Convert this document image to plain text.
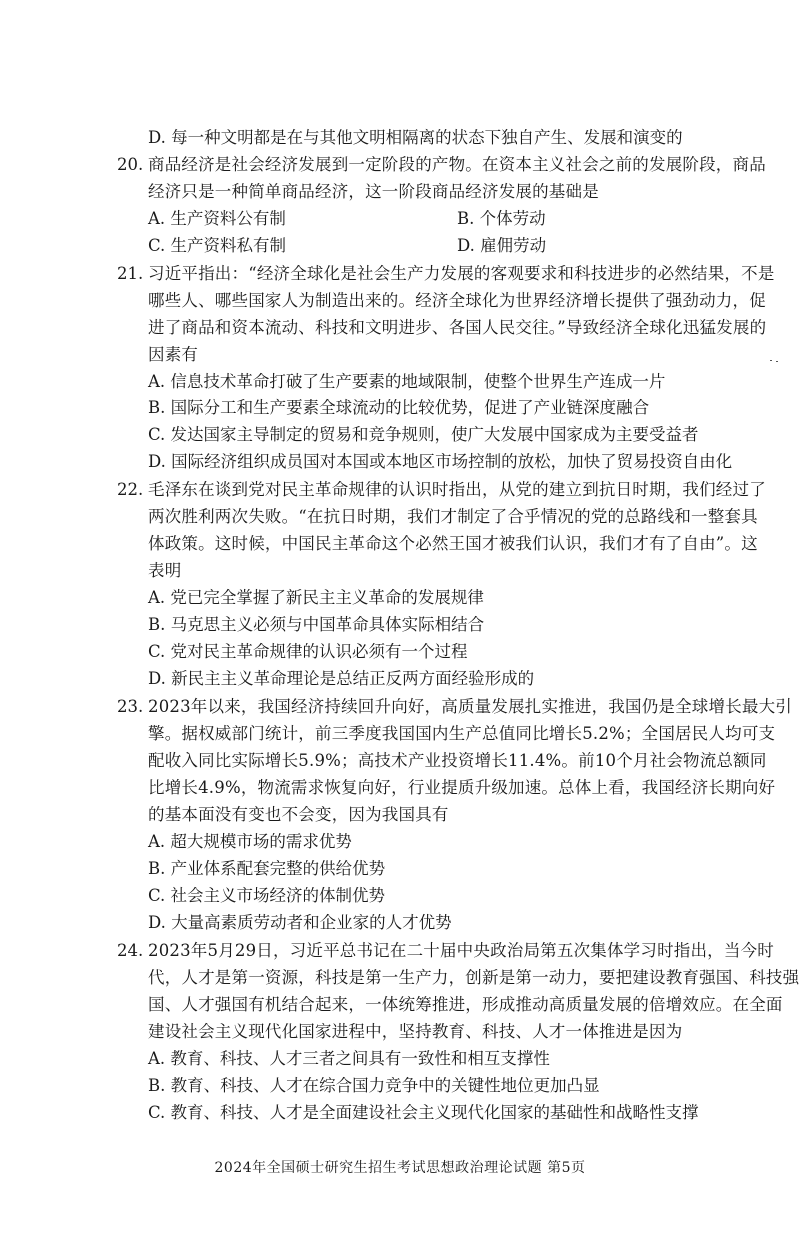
D. 每一种文明都是在与其他文明相隔离的状态下独自产生、发展和演变的
20. 商品经济是社会经济发展到一定阶段的产物。在资本主义社会之前的发展阶段，商品
经济只是一种简单商品经济，这一阶段商品经济发展的基础是
A. 生产资料公有制	B. 个体劳动
C. 生产资料私有制	D. 雇佣劳动
21. 习近平指出：“经济全球化是社会生产力发展的客观要求和科技进步的必然结果，不是
哪些人、哪些国家人为制造出来的。经济全球化为世界经济增长提供了强劲动力，促
进了商品和资本流动、科技和文明进步、各国人民交往。”导致经济全球化迅猛发展的
因素有
A. 信息技术革命打破了生产要素的地域限制，使整个世界生产连成一片
B. 国际分工和生产要素全球流动的比较优势，促进了产业链深度融合
C. 发达国家主导制定的贸易和竞争规则，使广大发展中国家成为主要受益者
D. 国际经济组织成员国对本国或本地区市场控制的放松，加快了贸易投资自由化
22. 毛泽东在谈到党对民主革命规律的认识时指出，从党的建立到抗日时期，我们经过了
两次胜利两次失败。“在抗日时期，我们才制定了合乎情况的党的总路线和一整套具
体政策。这时候，中国民主革命这个必然王国才被我们认识，我们才有了自由”。这
表明
A. 党已完全掌握了新民主主义革命的发展规律
B. 马克思主义必须与中国革命具体实际相结合
C. 党对民主革命规律的认识必须有一个过程
D. 新民主主义革命理论是总结正反两方面经验形成的
23. 2023年以来，我国经济持续回升向好，高质量发展扎实推进，我国仍是全球增长最大引
擎。据权威部门统计，前三季度我国国内生产总值同比增长5.2%；全国居民人均可支
配收入同比实际增长5.9%；高技术产业投资增长11.4%。前10个月社会物流总额同
比增长4.9%，物流需求恢复向好，行业提质升级加速。总体上看，我国经济长期向好
的基本面没有变也不会变，因为我国具有
A. 超大规模市场的需求优势
B. 产业体系配套完整的供给优势
C. 社会主义市场经济的体制优势
D. 大量高素质劳动者和企业家的人才优势
24. 2023年5月29日，习近平总书记在二十届中央政治局第五次集体学习时指出，当今时
代，人才是第一资源，科技是第一生产力，创新是第一动力，要把建设教育强国、科技强
国、人才强国有机结合起来，一体统筹推进，形成推动高质量发展的倍增效应。在全面
建设社会主义现代化国家进程中，坚持教育、科技、人才一体推进是因为
A. 教育、科技、人才三者之间具有一致性和相互支撑性
B. 教育、科技、人才在综合国力竞争中的关键性地位更加凸显
C. 教育、科技、人才是全面建设社会主义现代化国家的基础性和战略性支撑
2024年全国硕士研究生招生考试思想政治理论试题 第5页
